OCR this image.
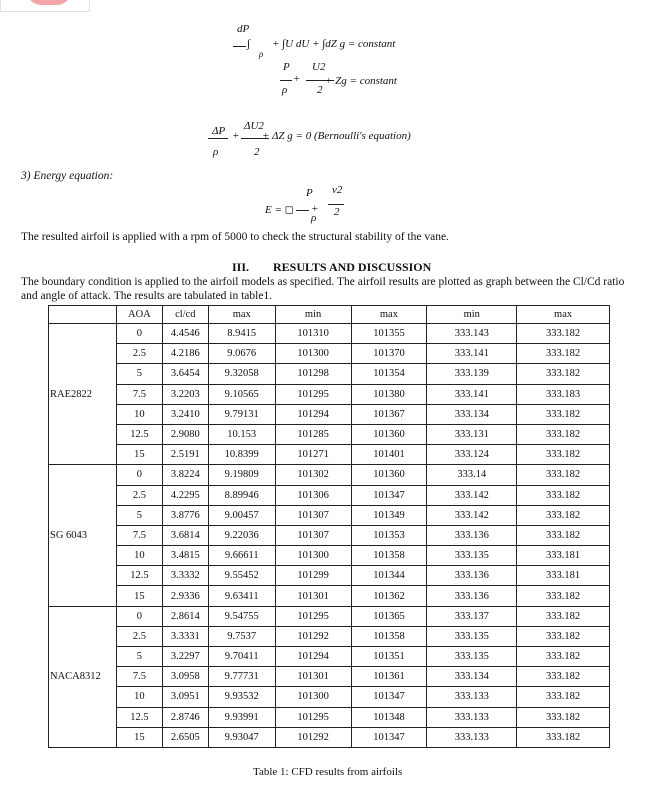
dP
∫
ρ
+ ∫U dU + ∫dZ g = constant
P U2
+
ρ	2
+ Zg = constant
ΔP
ρ
+
ΔU2
2
+ ΔZ g = 0 (Bernoulli's equation)
3) Energy equation:
P v2
E = ◻ +
ρ 2
The resulted airfoil is applied with a rpm of 5000 to check the structural stability of the vane.
III.        RESULTS AND DISCUSSION
The boundary condition is applied to the airfoil models as specified. The airfoil results are plotted as graph between the Cl/Cd ratio
and angle of attack. The results are tabulated in table1.
	AOA	cl/cd	max	min	max	min	max
RAE2822	0	4.4546	8.9415	101310	101355	333.143	333.182
	2.5	4.2186	9.0676	101300	101370	333.141	333.182
	5	3.6454	9.32058	101298	101354	333.139	333.182
	7.5	3.2203	9.10565	101295	101380	333.141	333.183
	10	3.2410	9.79131	101294	101367	333.134	333.182
	12.5	2.9080	10.153	101285	101360	333.131	333.182
	15	2.5191	10.8399	101271	101401	333.124	333.182
SG 6043	0	3.8224	9.19809	101302	101360	333.14	333.182
	2.5	4.2295	8.89946	101306	101347	333.142	333.182
	5	3.8776	9.00457	101307	101349	333.142	333.182
	7.5	3.6814	9.22036	101307	101353	333.136	333.182
	10	3.4815	9.66611	101300	101358	333.135	333.181
	12.5	3.3332	9.55452	101299	101344	333.136	333.181
	15	2.9336	9.63411	101301	101362	333.136	333.182
NACA8312	0	2.8614	9.54755	101295	101365	333.137	333.182
	2.5	3.3331	9.7537	101292	101358	333.135	333.182
	5	3.2297	9.70411	101294	101351	333.135	333.182
	7.5	3.0958	9.77731	101301	101361	333.134	333.182
	10	3.0951	9.93532	101300	101347	333.133	333.182
	12.5	2.8746	9.93991	101295	101348	333.133	333.182
	15	2.6505	9.93047	101292	101347	333.133	333.182
Table 1: CFD results from airfoils
